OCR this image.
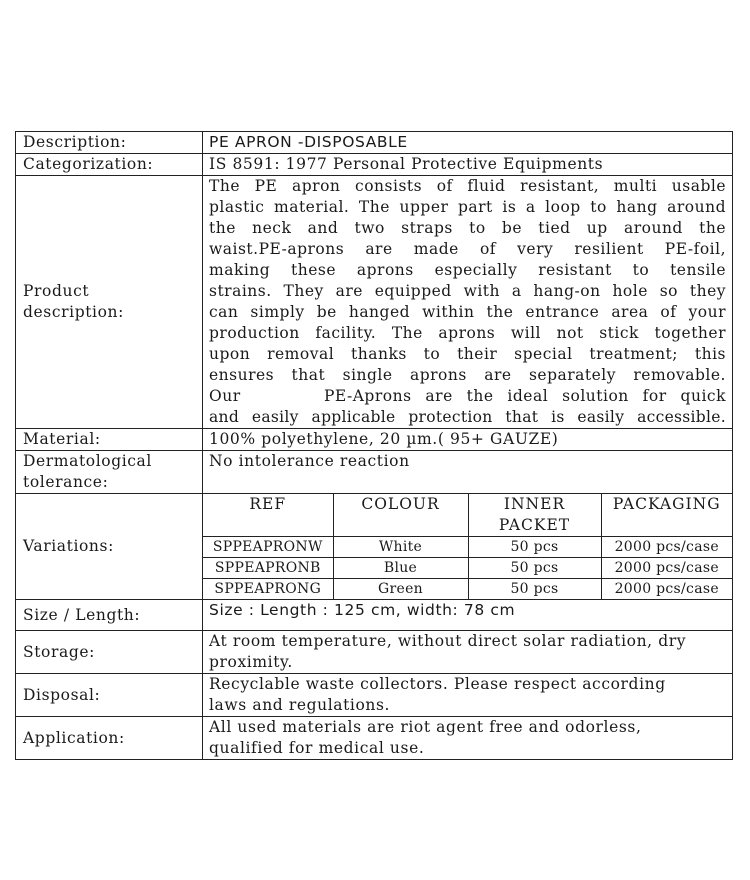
Description:	PE APRON -DISPOSABLE
Categorization:	IS 8591: 1977 Personal Protective Equipments

Product
description:

The PE apron consists of fluid resistant, multi usable
plastic material. The upper part is a loop to hang around
the neck and two straps to be tied up around the
waist.PE-aprons are made of very resilient PE-foil,
making these aprons especially resistant to tensile
strains. They are equipped with a hang-on hole so they
can simply be hanged within the entrance area of your
production facility. The aprons will not stick together
upon removal thanks to their special treatment; this
ensures that single aprons are separately removable.
Our      PE-Aprons are the ideal solution for quick
and easily applicable protection that is easily accessible.

Material:	100% polyethylene, 20 µm.( 95+ GAUZE)

Dermatological
tolerance:
	No intolerance reaction
Variations:	
REF	COLOUR	INNER PACKET	PACKAGING
SPPEAPRONW	White	50 pcs	2000 pcs/case
SPPEAPRONB	Blue	50 pcs	2000 pcs/case
SPPEAPRONG	Green	50 pcs	2000 pcs/case

Size / Length:	Size : Length : 125 cm, width: 78 cm
Storage:	
At room temperature, without direct solar radiation, dry
proximity.

Disposal:	
Recyclable waste collectors. Please respect according
laws and regulations.

Application:	
All used materials are riot agent free and odorless,
qualified for medical use.
